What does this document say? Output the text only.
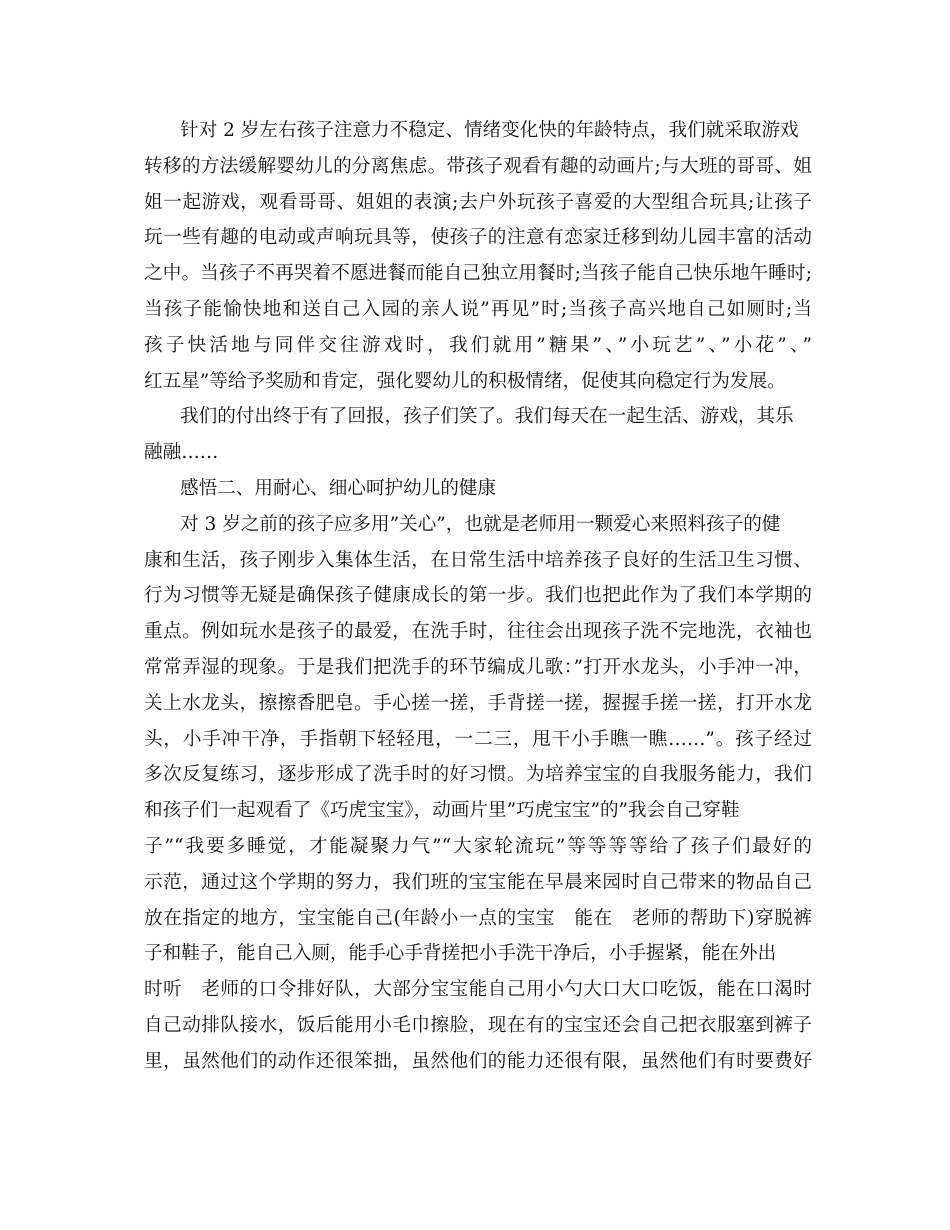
针对 2 岁左右孩子注意力不稳定、情绪变化快的年龄特点，我们就采取游戏
转移的方法缓解婴幼儿的分离焦虑。带孩子观看有趣的动画片;与大班的哥哥、姐
姐一起游戏，观看哥哥、姐姐的表演;去户外玩孩子喜爱的大型组合玩具;让孩子
玩一些有趣的电动或声响玩具等，使孩子的注意有恋家迁移到幼儿园丰富的活动
之中。当孩子不再哭着不愿进餐而能自己独立用餐时;当孩子能自己快乐地午睡时;
当孩子能愉快地和送自己入园的亲人说”再见”时;当孩子高兴地自己如厕时;当
孩子快活地与同伴交往游戏时，我们就用”糖果”、”小玩艺”、”小花”、”
红五星”等给予奖励和肯定，强化婴幼儿的积极情绪，促使其向稳定行为发展。
我们的付出终于有了回报，孩子们笑了。我们每天在一起生活、游戏，其乐
融融……
感悟二、用耐心、细心呵护幼儿的健康
对 3 岁之前的孩子应多用”关心”，也就是老师用一颗爱心来照料孩子的健
康和生活，孩子刚步入集体生活，在日常生活中培养孩子良好的生活卫生习惯、
行为习惯等无疑是确保孩子健康成长的第一步。我们也把此作为了我们本学期的
重点。例如玩水是孩子的最爱，在洗手时，往往会出现孩子洗不完地洗，衣袖也
常常弄湿的现象。于是我们把洗手的环节编成儿歌：”打开水龙头，小手冲一冲，
关上水龙头，擦擦香肥皂。手心搓一搓，手背搓一搓，握握手搓一搓，打开水龙
头，小手冲干净，手指朝下轻轻甩，一二三，甩干小手瞧一瞧……”。孩子经过
多次反复练习，逐步形成了洗手时的好习惯。为培养宝宝的自我服务能力，我们
和孩子们一起观看了《巧虎宝宝》，动画片里”巧虎宝宝”的”我会自己穿鞋
子”“我要多睡觉，才能凝聚力气”“大家轮流玩”等等等等给了孩子们最好的
示范，通过这个学期的努力，我们班的宝宝能在早晨来园时自己带来的物品自己
放在指定的地方，宝宝能自己(年龄小一点的宝宝　能在　老师的帮助下)穿脱裤
子和鞋子，能自己入厕，能手心手背搓把小手洗干净后，小手握紧，能在外出
时听　老师的口令排好队，大部分宝宝能自己用小勺大口大口吃饭，能在口渴时
自己动排队接水，饭后能用小毛巾擦脸，现在有的宝宝还会自己把衣服塞到裤子
里，虽然他们的动作还很笨拙，虽然他们的能力还很有限，虽然他们有时要费好
